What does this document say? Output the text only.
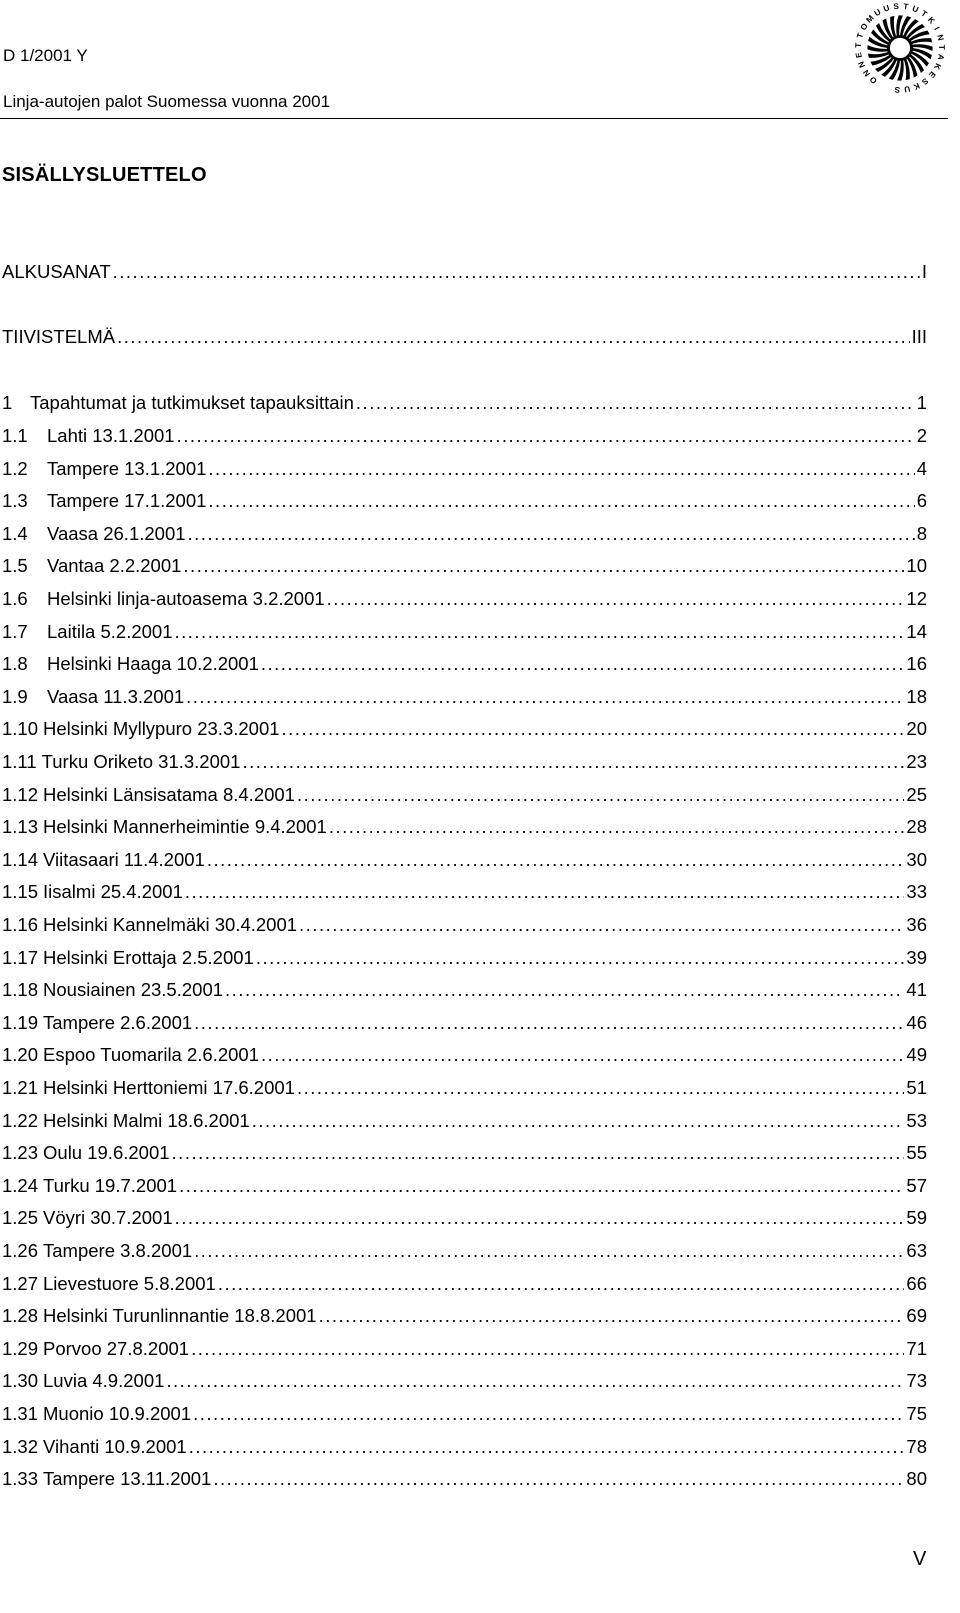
D 1/2001 Y
Linja-autojen palot Suomessa vuonna 2001
O
N
N
E
T
T
O
M
U U S T U T
K
I
N
T
A
K
E
S
K
U
S
SISÄLLYSLUETTELO
ALKUSANAT .....	I
TIIVISTELMÄ .....	III
1 Tapahtumat ja tutkimukset tapauksittain .....	1
1.1	Lahti 13.1.2001 .....	2
1.2	Tampere 13.1.2001 .....	4
1.3	Tampere 17.1.2001 .....	6
1.4	Vaasa 26.1.2001 .....	8
1.5	Vantaa 2.2.2001 .....	10
1.6	Helsinki linja-autoasema 3.2.2001 .....	12
1.7	Laitila 5.2.2001 .....	14
1.8	Helsinki Haaga 10.2.2001 .....	16
1.9	Vaasa 11.3.2001 .....	18
1.10 Helsinki Myllypuro 23.3.2001 .....	20
1.11 Turku Oriketo 31.3.2001 .....	23
1.12 Helsinki Länsisatama 8.4.2001 .....	25
1.13 Helsinki Mannerheimintie 9.4.2001 .....	28
1.14 Viitasaari 11.4.2001 .....	30
1.15 Iisalmi 25.4.2001 .....	33
1.16 Helsinki Kannelmäki 30.4.2001 .....	36
1.17 Helsinki Erottaja 2.5.2001 .....	39
1.18 Nousiainen 23.5.2001 .....	41
1.19 Tampere 2.6.2001 .....	46
1.20 Espoo Tuomarila 2.6.2001 .....	49
1.21 Helsinki Herttoniemi 17.6.2001 .....	51
1.22 Helsinki Malmi 18.6.2001 .....	53
1.23 Oulu 19.6.2001 .....	55
1.24 Turku 19.7.2001 .....	57
1.25 Vöyri 30.7.2001 .....	59
1.26 Tampere 3.8.2001 .....	63
1.27 Lievestuore 5.8.2001 .....	66
1.28 Helsinki Turunlinnantie 18.8.2001 .....	69
1.29 Porvoo 27.8.2001 .....	71
1.30 Luvia 4.9.2001 .....	73
1.31 Muonio 10.9.2001 .....	75
1.32 Vihanti 10.9.2001 .....	78
1.33 Tampere 13.11.2001 .....	80
V
